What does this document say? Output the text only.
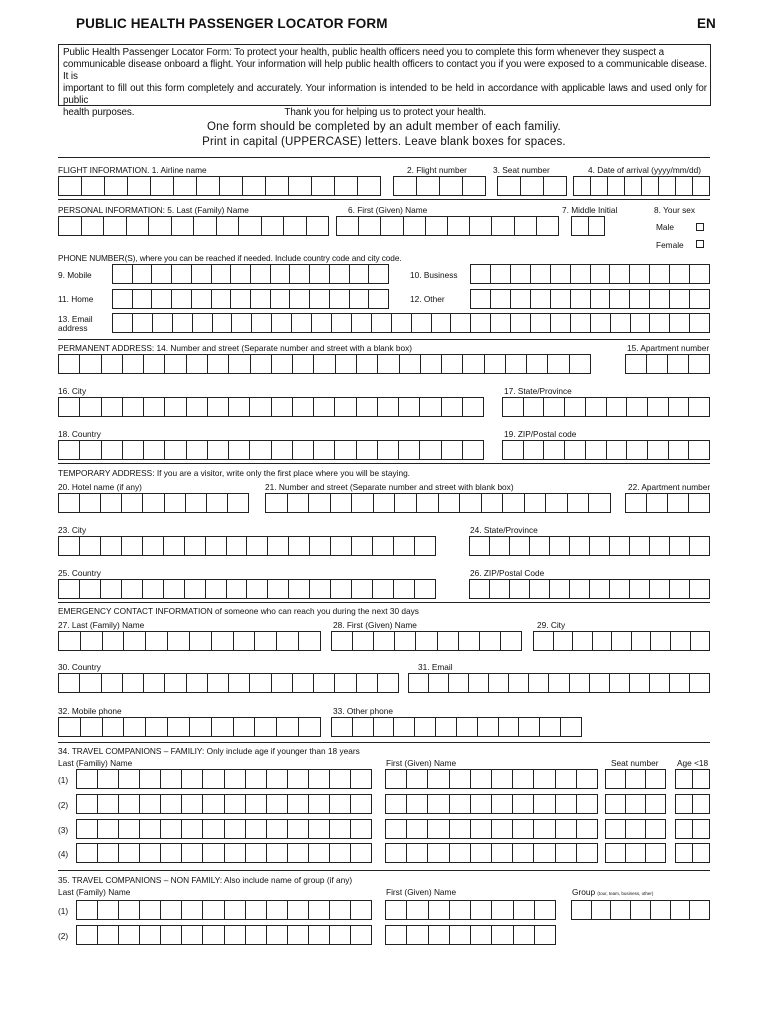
PUBLIC HEALTH PASSENGER LOCATOR FORM	EN
Public Health Passenger Locator Form: To protect your health, public health officers need you to complete this form whenever they suspect a
communicable disease onboard a flight. Your information will help public health officers to contact you if you were exposed to a communicable disease. It is
important to fill out this form completely and accurately. Your information is intended to be held in accordance with applicable laws and used only for public
health purposes.	Thank you for helping us to protect your health.
One form should be completed by an adult member of each familiy.
Print in capital (UPPERCASE) letters. Leave blank boxes for spaces.
FLIGHT INFORMATION. 1. Airline name	2. Flight number	3. Seat number	4. Date of arrival (yyyy/mm/dd)
PERSONAL INFORMATION: 5. Last (Family) Name	6. First (Given) Name	7. Middle Initial	8. Your sex
Male
Female
PHONE NUMBER(S), where you can be reached if needed. Include country code and city code.
9. Mobile	10. Business
11. Home	12. Other
13. Email
address
PERMANENT ADDRESS: 14. Number and street (Separate number and street with a blank box)	15. Apartment number
16. City	17. State/Province
18. Country	19. ZIP/Postal code
TEMPORARY ADDRESS: If you are a visitor, write only the first place where you will be staying.
20. Hotel name (if any)	21. Number and street (Separate number and street with blank box)	22. Apartment number
23. City	24. State/Province
25. Country	26. ZIP/Postal Code
EMERGENCY CONTACT INFORMATION of someone who can reach you during the next 30 days
27. Last (Family) Name	28. First (Given) Name	29. City
30. Country	31. Email
32. Mobile phone	33. Other phone
34. TRAVEL COMPANIONS – FAMILIY: Only include age if younger than 18 years
Last (Familiy) Name	First (Given) Name	Seat number Age <18
(1)
(2)
(3)
(4)
35. TRAVEL COMPANIONS – NON FAMILY: Also include name of group (if any)
Last (Family) Name	First (Given) Name	Group (tour, team, business, other)
(1)
(2)
